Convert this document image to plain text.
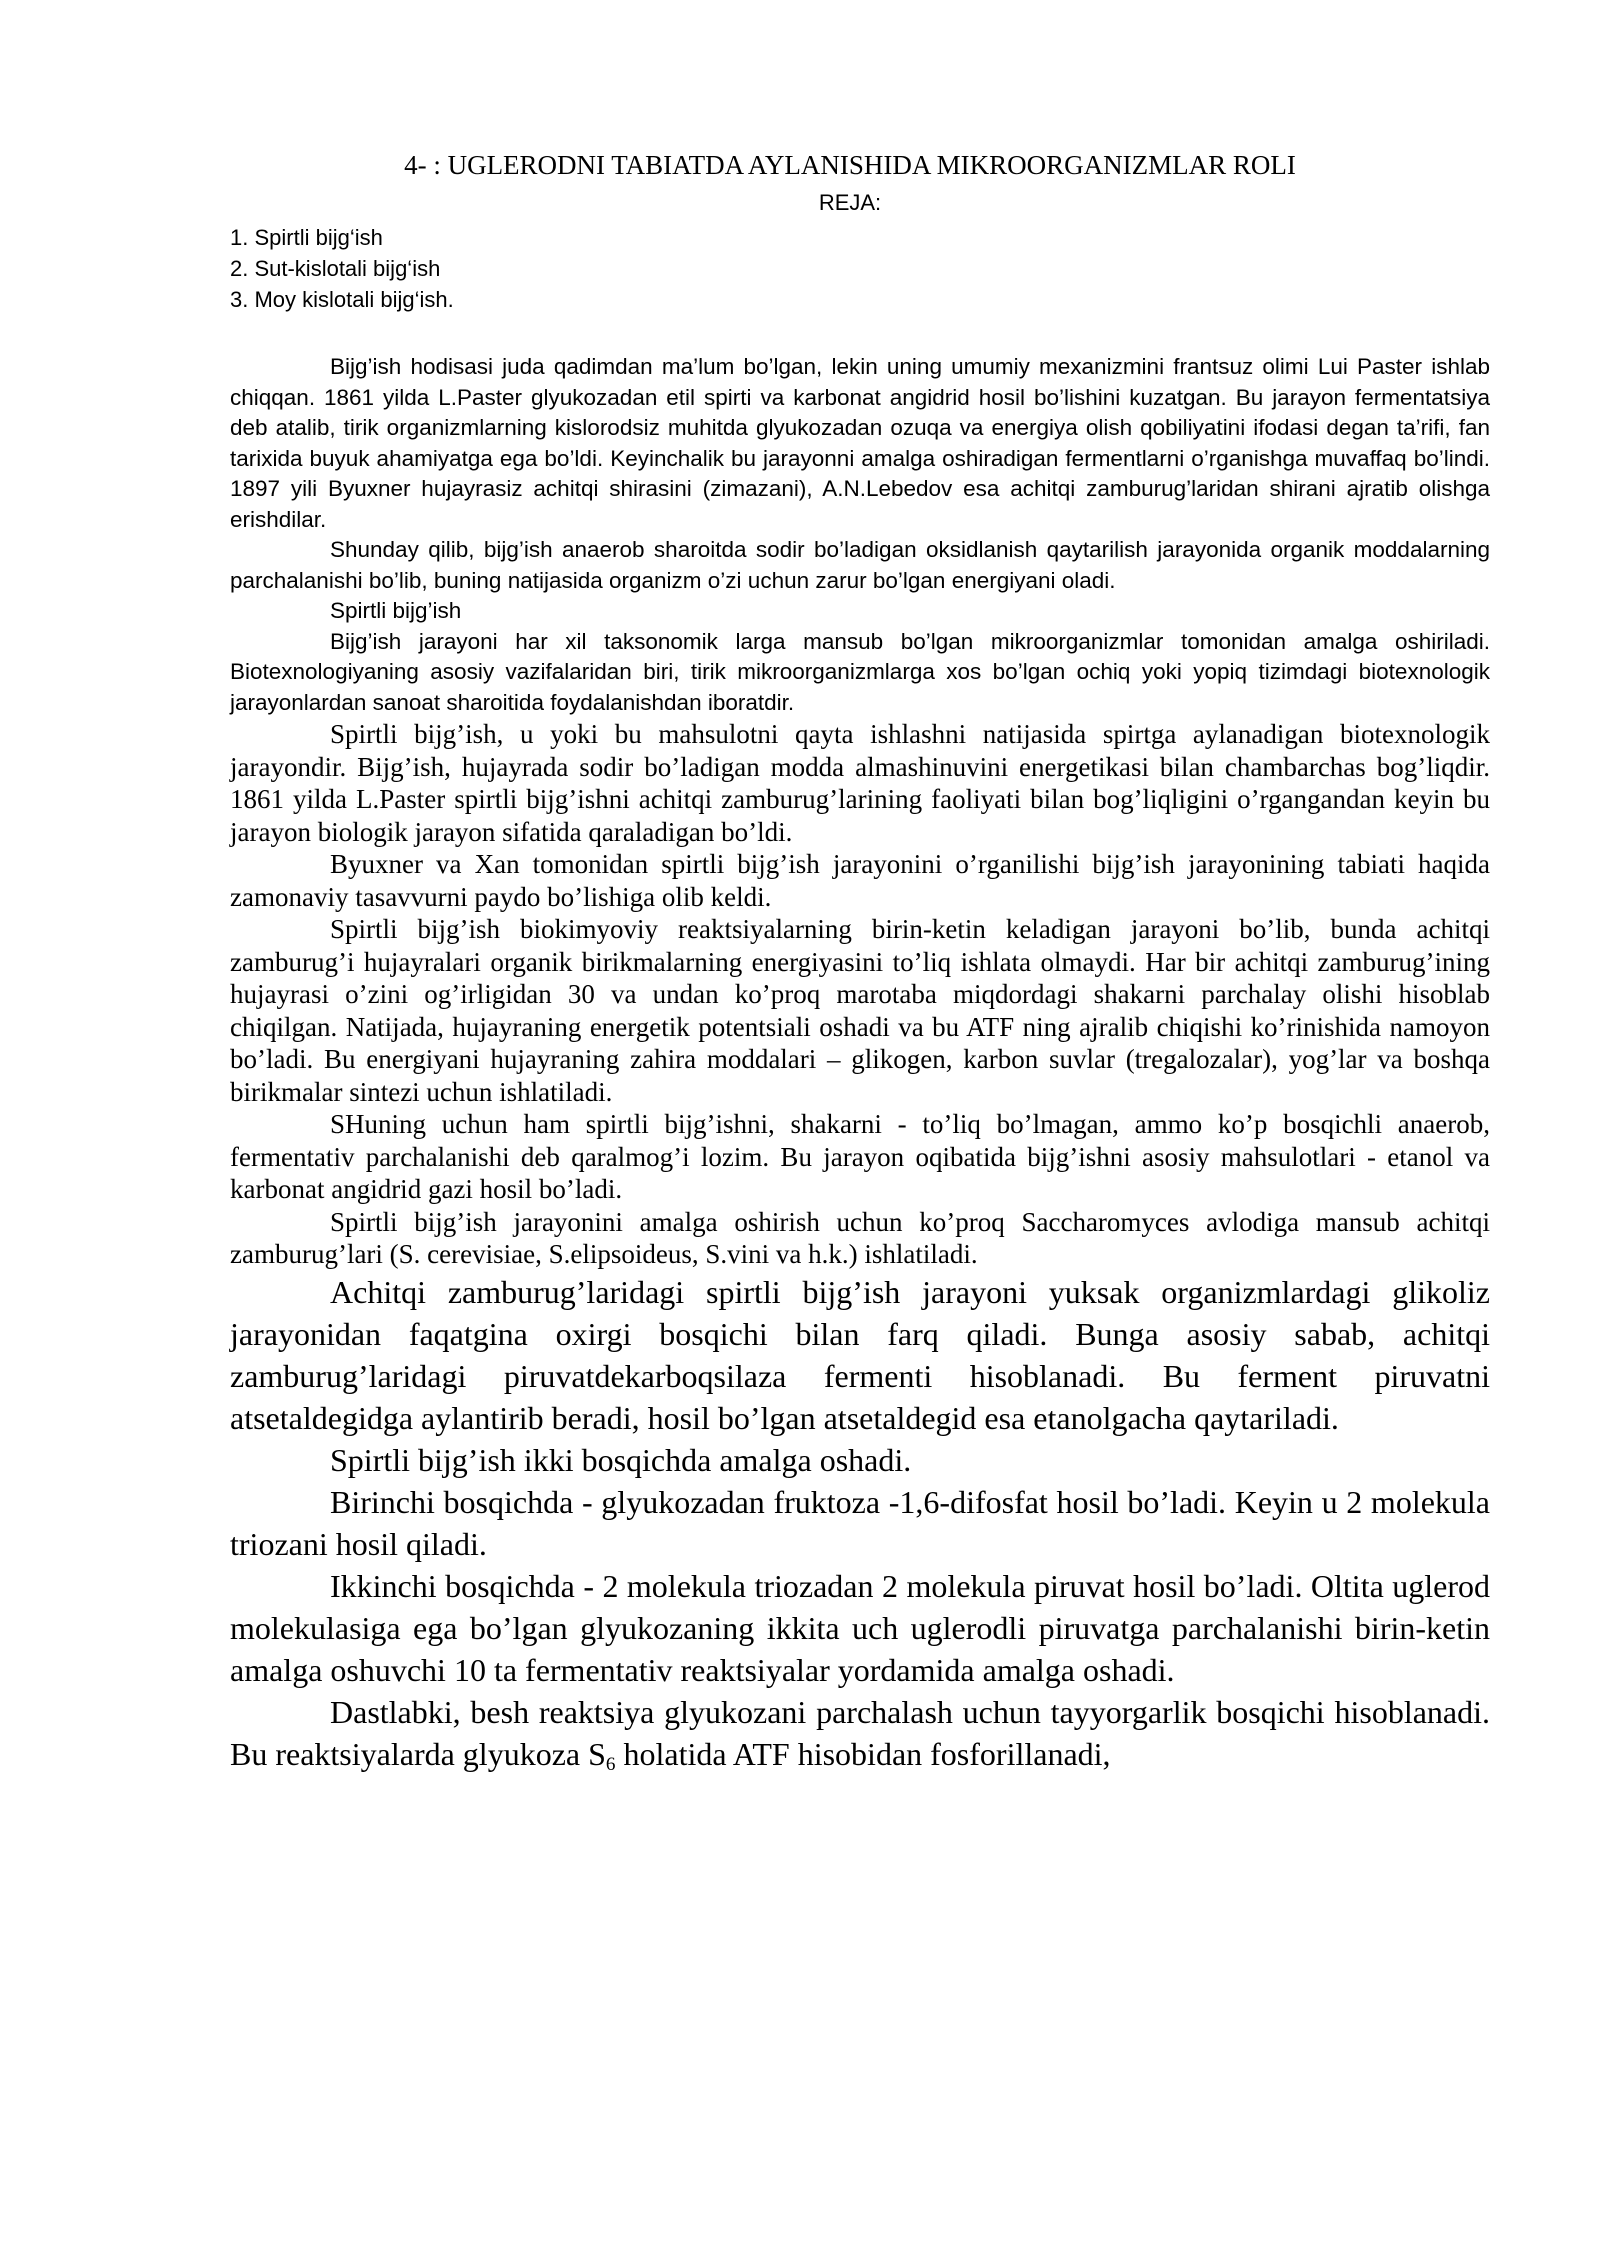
4- : UGLERODNI TABIATDA AYLANISHIDA MIKROORGANIZMLAR ROLI
REJA:
1. Spirtli bijg‘ish
2. Sut-kislotali bijg‘ish
3. Moy kislotali bijg‘ish.

Bijg’ish hodisasi juda qadimdan ma’lum bo’lgan, lekin uning umumiy mexanizmini frantsuz olimi Lui Paster ishlab chiqqan. 1861 yilda L.Paster glyukozadan etil spirti va karbonat angidrid hosil bo’lishini kuzatgan. Bu jarayon fermentatsiya deb atalib, tirik organizmlarning kislorodsiz muhitda glyukozadan ozuqa va energiya olish qobiliyatini ifodasi degan ta’rifi, fan tarixida buyuk ahamiyatga ega bo’ldi. Keyinchalik bu jarayonni amalga oshiradigan fermentlarni o’rganishga muvaffaq bo’lindi. 1897 yili Byuxner hujayrasiz achitqi shirasini (zimazani), A.N.Lebedov esa achitqi zamburug’laridan shirani ajratib olishga erishdilar.

Shunday qilib, bijg’ish anaerob sharoitda sodir bo’ladigan oksidlanish qaytarilish jarayonida organik moddalarning parchalanishi bo’lib, buning natijasida organizm o’zi uchun zarur bo’lgan energiyani oladi.

Spirtli bijg’ish

Bijg’ish jarayoni har xil taksonomik larga mansub bo’lgan mikroorganizmlar tomonidan amalga oshiriladi. Biotexnologiyaning asosiy vazifalaridan biri, tirik mikroorganizmlarga xos bo’lgan ochiq yoki yopiq tizimdagi biotexnologik jarayonlardan sanoat sharoitida foydalanishdan iboratdir.

Spirtli bijg’ish, u yoki bu mahsulotni qayta ishlashni natijasida spirtga aylanadigan biotexnologik jarayondir. Bijg’ish, hujayrada sodir bo’ladigan modda almashinuvini energetikasi bilan chambarchas bog’liqdir. 1861 yilda L.Paster spirtli bijg’ishni achitqi zamburug’larining faoliyati bilan bog’liqligini o’rgangandan keyin bu jarayon biologik jarayon sifatida qaraladigan bo’ldi.

Byuxner va Xan tomonidan spirtli bijg’ish jarayonini o’rganilishi bijg’ish jarayonining tabiati haqida zamonaviy tasavvurni paydo bo’lishiga olib keldi.

Spirtli bijg’ish biokimyoviy reaktsiyalarning birin-ketin keladigan jarayoni bo’lib, bunda achitqi zamburug’i hujayralari organik birikmalarning energiyasini to’liq ishlata olmaydi. Har bir achitqi zamburug’ining hujayrasi o’zini og’irligidan 30 va undan ko’proq marotaba miqdordagi shakarni parchalay olishi hisoblab chiqilgan. Natijada, hujayraning energetik potentsiali oshadi va bu ATF ning ajralib chiqishi ko’rinishida namoyon bo’ladi. Bu energiyani hujayraning zahira moddalari – glikogen, karbon suvlar (tregalozalar), yog’lar va boshqa birikmalar sintezi uchun ishlatiladi.

SHuning uchun ham spirtli bijg’ishni, shakarni - to’liq bo’lmagan, ammo ko’p bosqichli anaerob, fermentativ parchalanishi deb qaralmog’i lozim. Bu jarayon oqibatida bijg’ishni asosiy mahsulotlari - etanol va karbonat angidrid gazi hosil bo’ladi.

Spirtli bijg’ish jarayonini amalga oshirish uchun ko’proq Saccharomyces avlodiga mansub achitqi zamburug’lari (S. cerevisiae, S.elipsoideus, S.vini va h.k.) ishlatiladi.

Achitqi zamburug’laridagi spirtli bijg’ish jarayoni yuksak organizmlardagi glikoliz jarayonidan faqatgina oxirgi bosqichi bilan farq qiladi. Bunga asosiy sabab, achitqi zamburug’laridagi piruvatdekarboqsilaza fermenti hisoblanadi. Bu ferment piruvatni atsetaldegidga aylantirib beradi, hosil bo’lgan atsetaldegid esa etanolgacha qaytariladi.

Spirtli bijg’ish ikki bosqichda amalga oshadi.

Birinchi bosqichda - glyukozadan fruktoza -1,6-difosfat hosil bo’ladi. Keyin u 2 molekula triozani hosil qiladi.

Ikkinchi bosqichda - 2 molekula triozadan 2 molekula piruvat hosil bo’ladi. Oltita uglerod molekulasiga ega bo’lgan glyukozaning ikkita uch uglerodli piruvatga parchalanishi birin-ketin amalga oshuvchi 10 ta fermentativ reaktsiyalar yordamida amalga oshadi.

Dastlabki, besh reaktsiya glyukozani parchalash uchun tayyorgarlik bosqichi hisoblanadi. Bu reaktsiyalarda glyukoza $S_6$ holatida ATF hisobidan fosforillanadi,
